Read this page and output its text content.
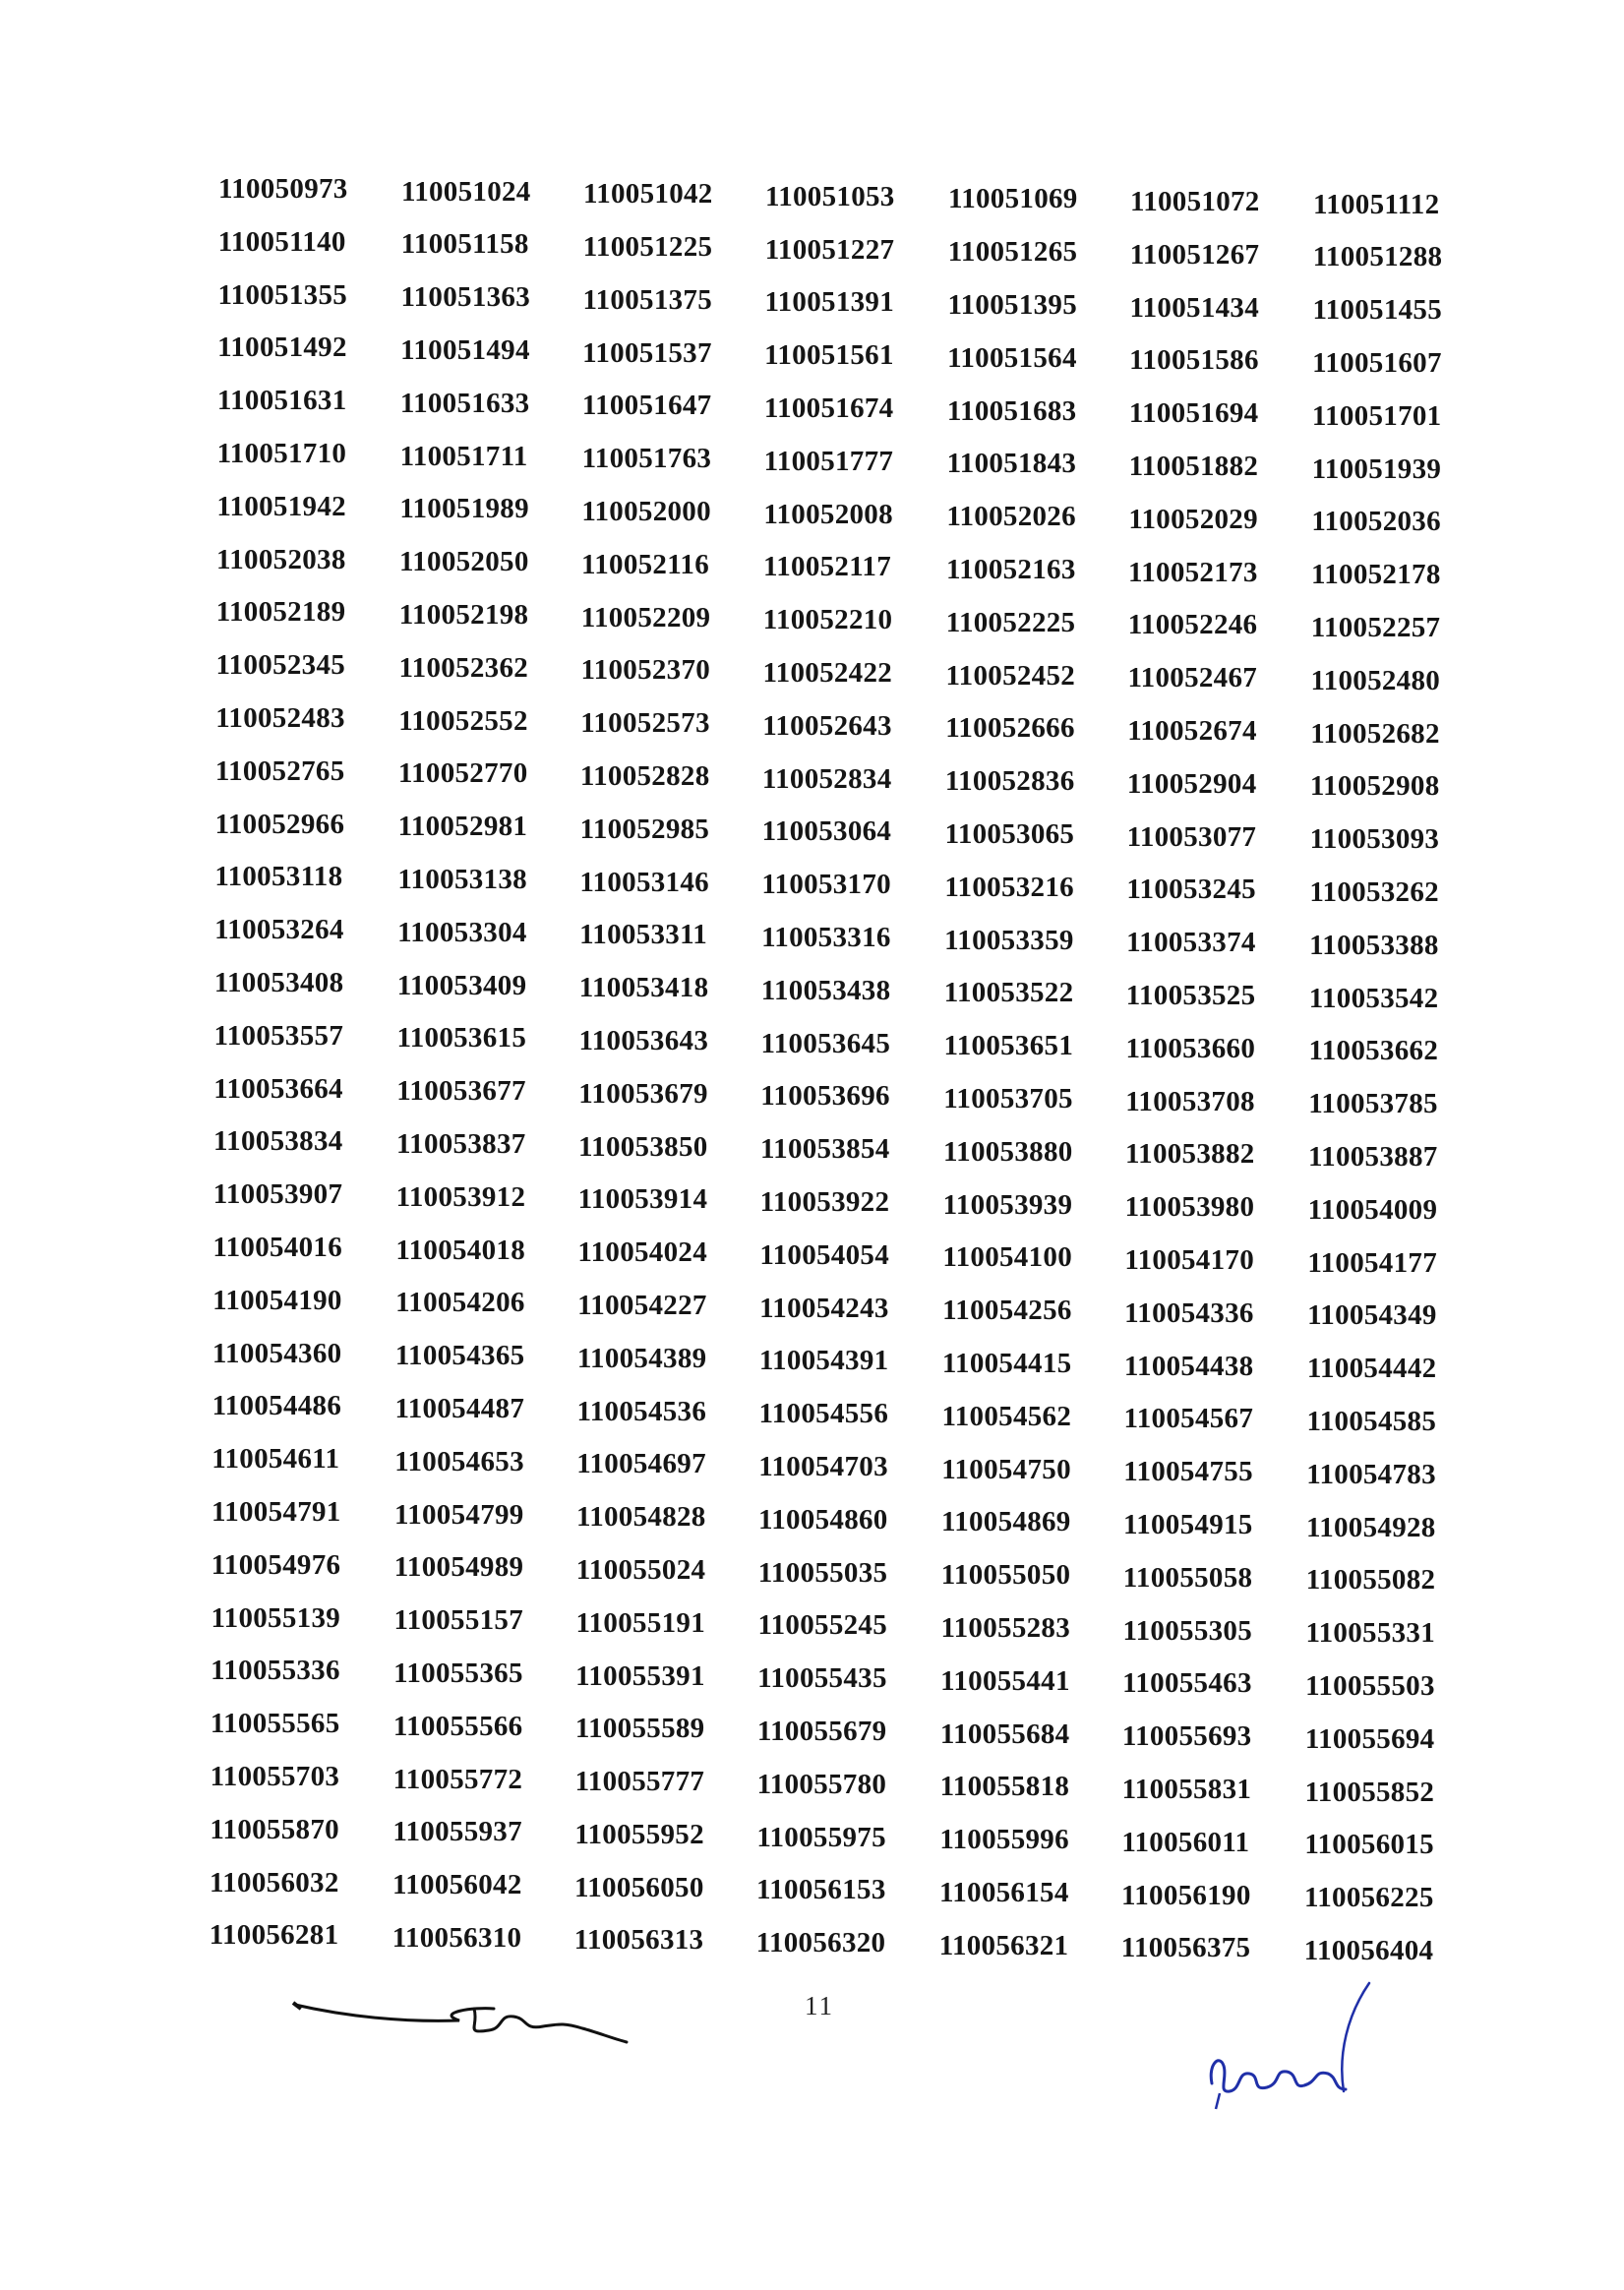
110050973 110051024 110051042 110051053 110051069 110051072 110051112
110051140 110051158 110051225 110051227 110051265 110051267 110051288
110051355 110051363 110051375 110051391 110051395 110051434 110051455
110051492 110051494 110051537 110051561 110051564 110051586 110051607
110051631 110051633 110051647 110051674 110051683 110051694 110051701
110051710 110051711 110051763 110051777 110051843 110051882 110051939
110051942 110051989 110052000 110052008 110052026 110052029 110052036
110052038 110052050 110052116 110052117 110052163 110052173 110052178
110052189 110052198 110052209 110052210 110052225 110052246 110052257
110052345 110052362 110052370 110052422 110052452 110052467 110052480
110052483 110052552 110052573 110052643 110052666 110052674 110052682
110052765 110052770 110052828 110052834 110052836 110052904 110052908
110052966 110052981 110052985 110053064 110053065 110053077 110053093
110053118 110053138 110053146 110053170 110053216 110053245 110053262
110053264 110053304 110053311 110053316 110053359 110053374 110053388
110053408 110053409 110053418 110053438 110053522 110053525 110053542
110053557 110053615 110053643 110053645 110053651 110053660 110053662
110053664 110053677 110053679 110053696 110053705 110053708 110053785
110053834 110053837 110053850 110053854 110053880 110053882 110053887
110053907 110053912 110053914 110053922 110053939 110053980 110054009
110054016 110054018 110054024 110054054 110054100 110054170 110054177
110054190 110054206 110054227 110054243 110054256 110054336 110054349
110054360 110054365 110054389 110054391 110054415 110054438 110054442
110054486 110054487 110054536 110054556 110054562 110054567 110054585
110054611 110054653 110054697 110054703 110054750 110054755 110054783
110054791 110054799 110054828 110054860 110054869 110054915 110054928
110054976 110054989 110055024 110055035 110055050 110055058 110055082
110055139 110055157 110055191 110055245 110055283 110055305 110055331
110055336 110055365 110055391 110055435 110055441 110055463 110055503
110055565 110055566 110055589 110055679 110055684 110055693 110055694
110055703 110055772 110055777 110055780 110055818 110055831 110055852
110055870 110055937 110055952 110055975 110055996 110056011 110056015
110056032 110056042 110056050 110056153 110056154 110056190 110056225
110056281 110056310 110056313 110056320 110056321 110056375 110056404
11
